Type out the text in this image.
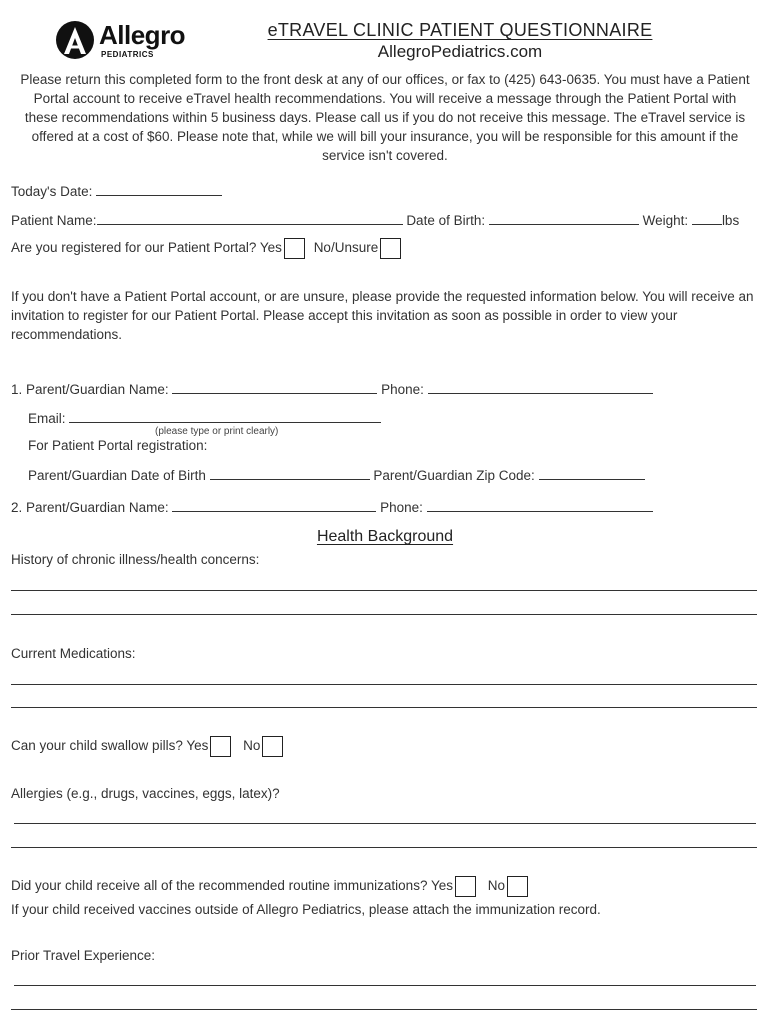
Allegro
PEDIATRICS
eTRAVEL CLINIC PATIENT QUESTIONNAIRE
AllegroPediatrics.com
Please return this completed form to the front desk at any of our offices, or fax to (425) 643-0635. You must have a Patient Portal account to receive eTravel health recommendations. You will receive a message through the Patient Portal with these recommendations within 5 business days. Please call us if you do not receive this message. The eTravel service is offered at a cost of $60. Please note that, while we will bill your insurance, you will be responsible for this amount if the service isn't covered.
Today's Date:
Patient Name:	Date of Birth:	Weight:	lbs
Are you registered for our Patient Portal? Yes No/Unsure
If you don't have a Patient Portal account, or are unsure, please provide the requested information below. You will receive an invitation to register for our Patient Portal. Please accept this invitation as soon as possible in order to view your recommendations.
1. Parent/Guardian Name:	Phone:
Email:
(please type or print clearly)
For Patient Portal registration:
Parent/Guardian Date of Birth	Parent/Guardian Zip Code:
2. Parent/Guardian Name:	Phone:
Health Background
History of chronic illness/health concerns:
Current Medications:
Can your child swallow pills? Yes	No
Allergies (e.g., drugs, vaccines, eggs, latex)?
Did your child receive all of the recommended routine immunizations? Yes	No
If your child received vaccines outside of Allegro Pediatrics, please attach the immunization record.
Prior Travel Experience:
